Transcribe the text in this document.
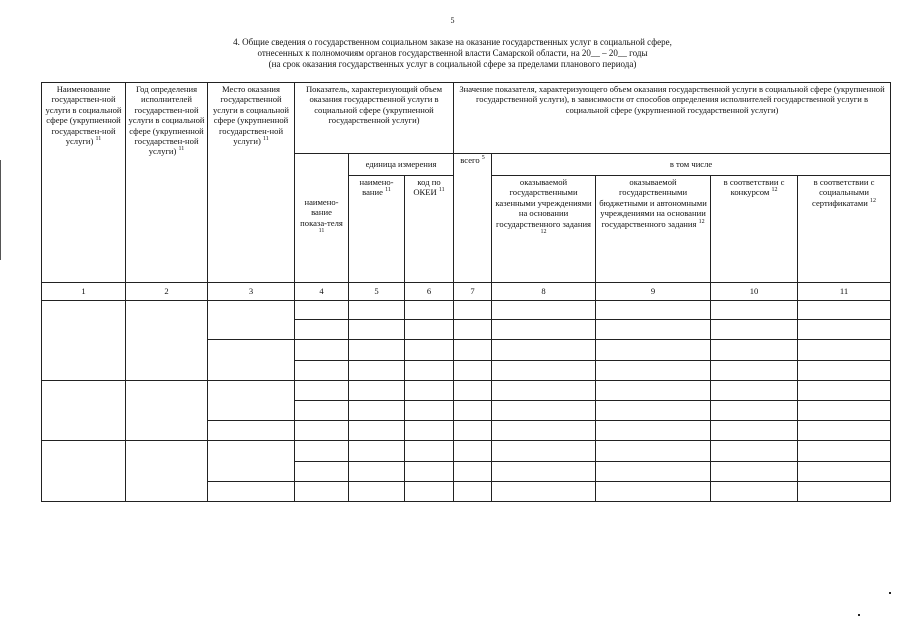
5
4. Общие сведения о государственном социальном заказе на оказание государственных услуг в социальной сфере,
отнесенных к полномочиям органов государственной власти Самарской области, на 20__ – 20__ годы
(на срок оказания государственных услуг в социальной сфере за пределами планового периода)
Наименование государствен-ной услуги в социальной сфере (укрупненной государствен-ной услуги) $^{11}$	Год определения исполнителей государствен-ной услуги в социальной сфере (укрупненной государствен-ной услуги) $^{11}$	Место оказания государственной услуги в социальной сфере (укрупненной государствен-ной услуги) $^{11}$	Показатель, характеризующий объем оказания государственной услуги в социальной сфере (укрупненной государственной услуги)			Значение показателя, характеризующего объем оказания государственной услуги в социальной сфере (укрупненной государственной услуги), в зависимости от способов определения исполнителей государственной услуги в социальной сфере (укрупненной государственной услуги)				
			наимено-вание показа-теля $^{11}$	единица измерения		всего $^5$	в том числе			
				наимено-вание $^{11}$	код по ОКЕИ $^{11}$		оказываемой государственными казенными учреждениями на основании государственного задания $^{12}$	оказываемой государственными бюджетными и автономными учреждениями на основании государственного задания $^{12}$	в соответствии с конкурсом $^{12}$	в соответствии с социальными сертификатами $^{12}$
1	2	3	4	5	6	7	8	9	10	11
